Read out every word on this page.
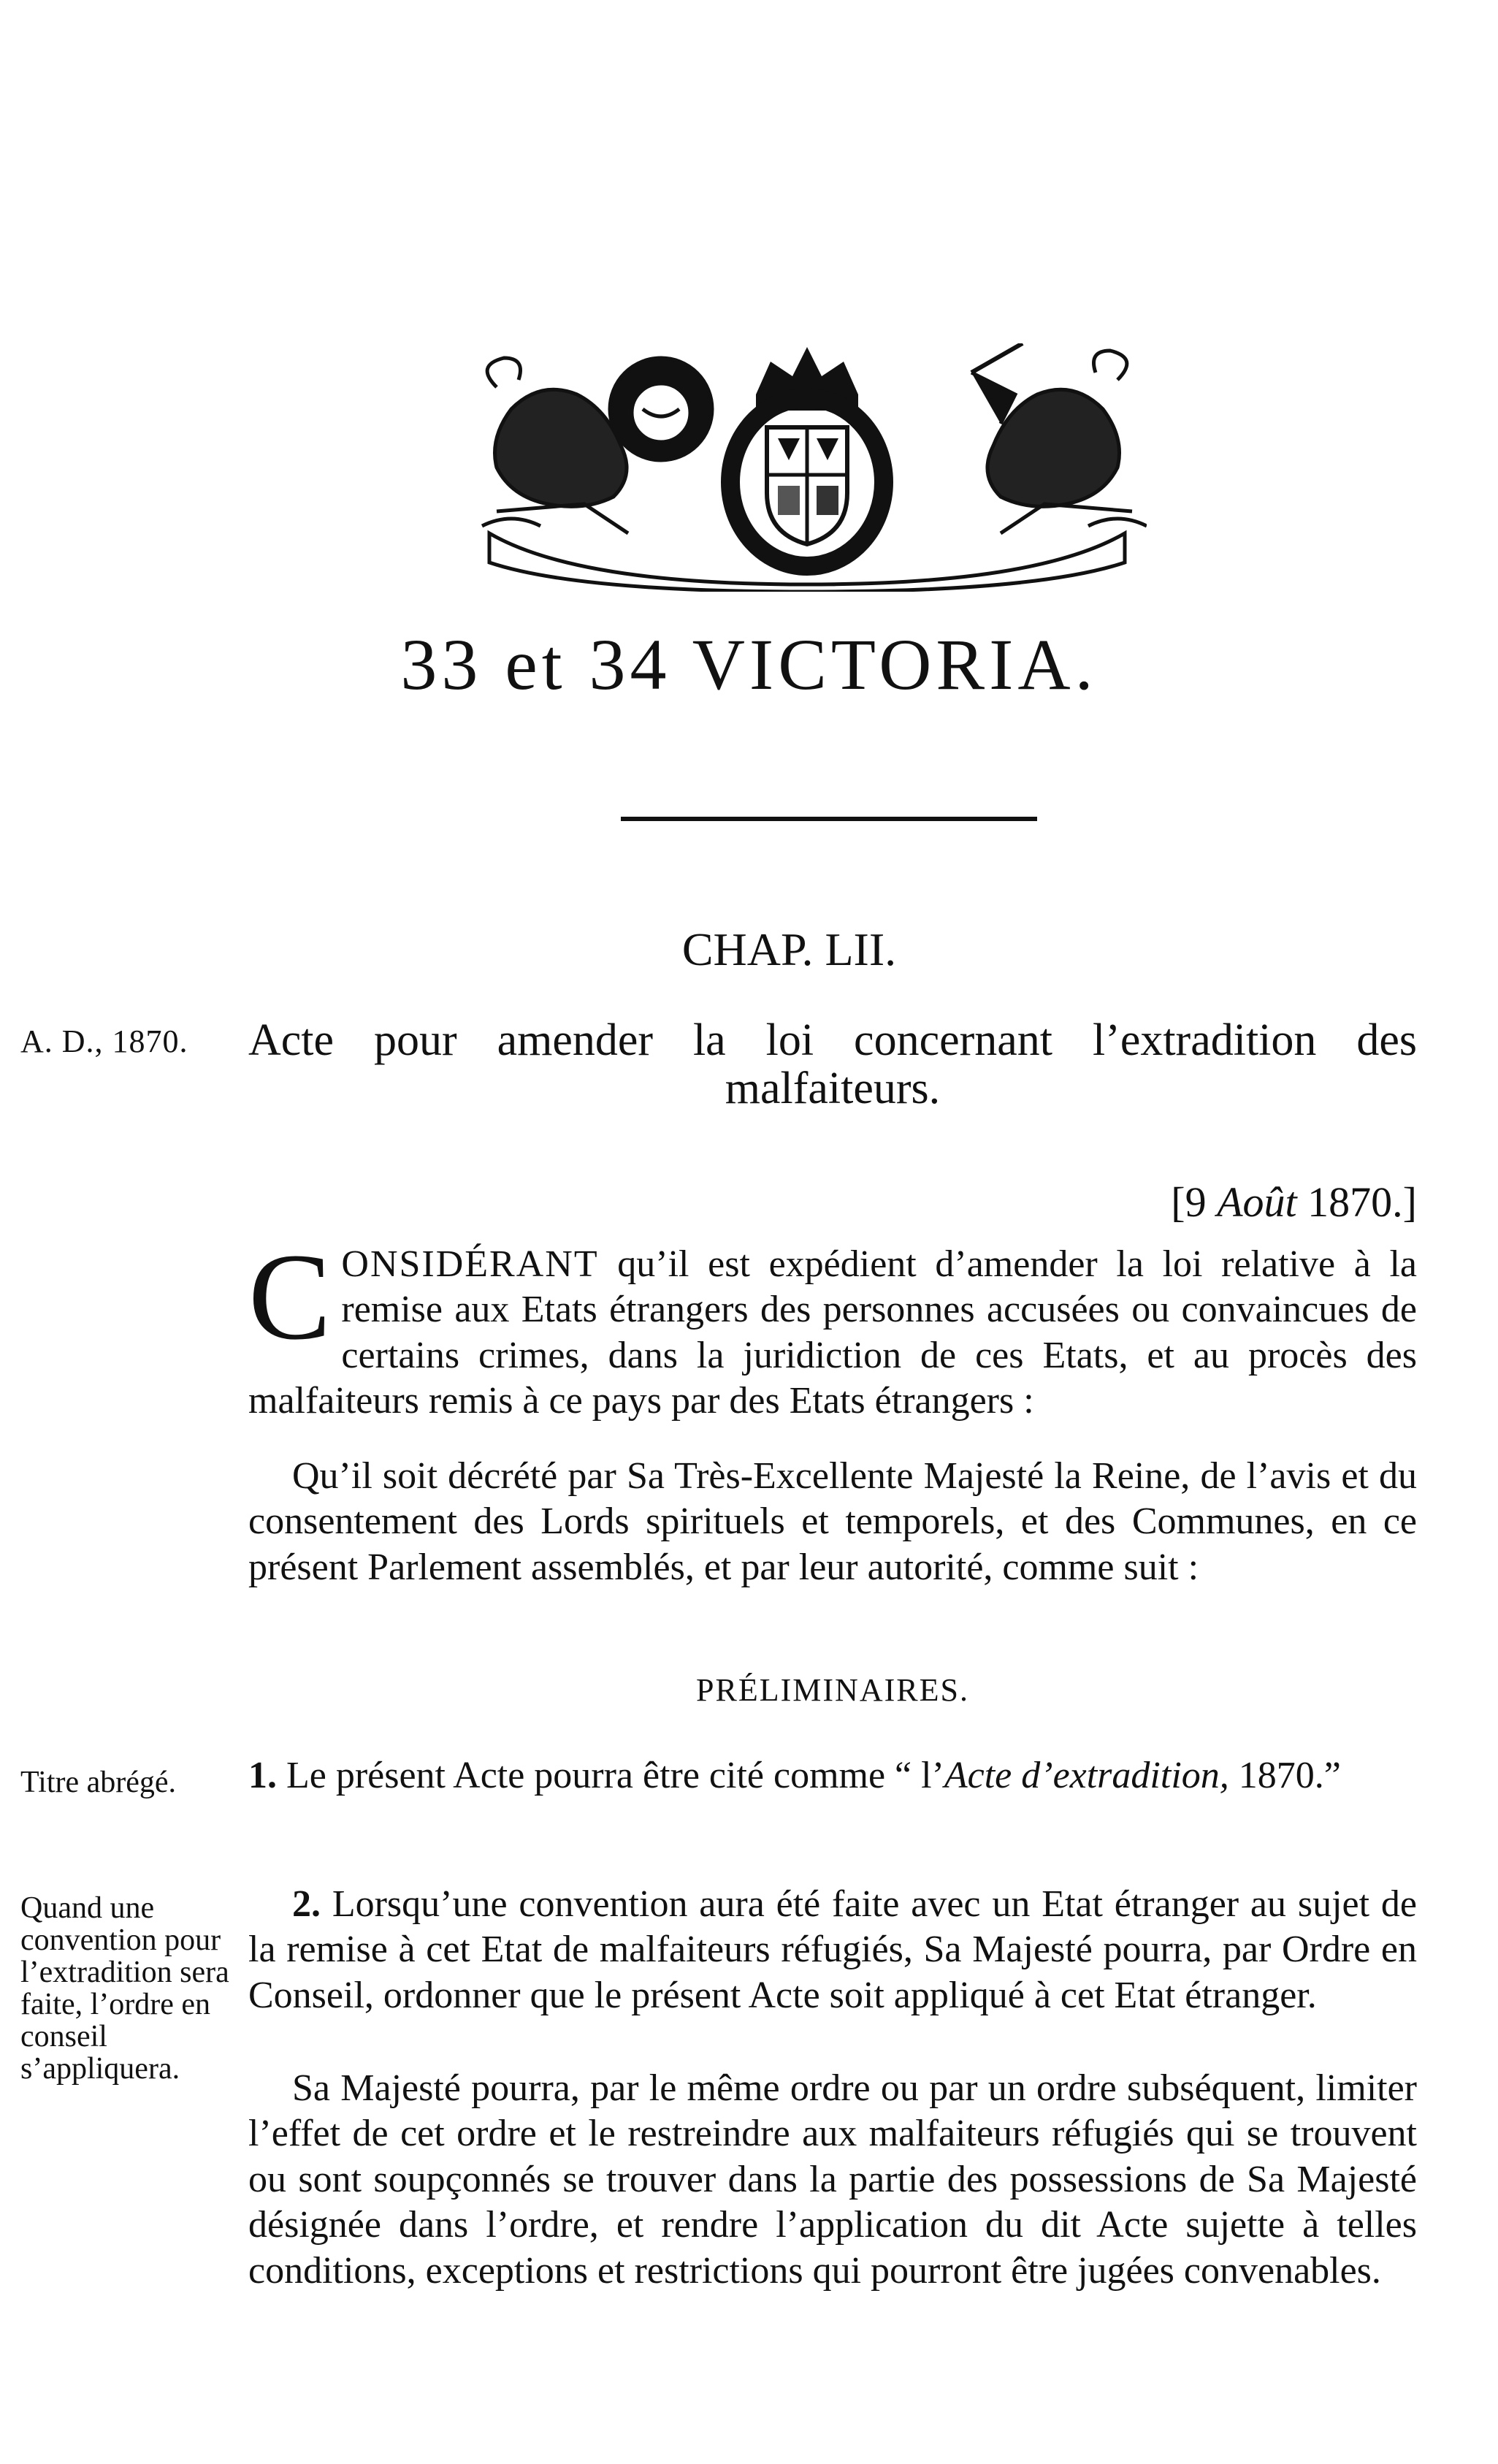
33 et 34 VICTORIA.
CHAP. LII.
A. D., 1870.	Acte pour amender la loi concernant l’extradition des malfaiteurs.
[9 Août 1870.]

CONSIDÉRANT qu’il est expédient d’amender la loi relative à la remise aux Etats étrangers des personnes accusées ou convaincues de certains crimes, dans la juridiction de ces Etats, et au procès des malfaiteurs remis à ce pays par des Etats étrangers :

Qu’il soit décrété par Sa Très-Excellente Majesté la Reine, de l’avis et du consentement des Lords spirituels et temporels, et des Communes, en ce présent Parlement assemblés, et par leur autorité, comme suit :

PRÉLIMINAIRES.
Titre abrégé.	1. Le présent Acte pourra être cité comme “ l’Acte d’extradition, 1870.”

Quand une convention pour l’extradition sera faite, l’ordre en conseil s’appliquera.

2. Lorsqu’une convention aura été faite avec un Etat étranger au sujet de la remise à cet Etat de malfaiteurs réfugiés, Sa Majesté pourra, par Ordre en Conseil, ordonner que le présent Acte soit appliqué à cet Etat étranger.

Sa Majesté pourra, par le même ordre ou par un ordre subséquent, limiter l’effet de cet ordre et le restreindre aux malfaiteurs réfugiés qui se trouvent ou sont soupçonnés se trouver dans la partie des possessions de Sa Majesté désignée dans l’ordre, et rendre l’application du dit Acte sujette à telles conditions, exceptions et restrictions qui pourront être jugées convenables.
